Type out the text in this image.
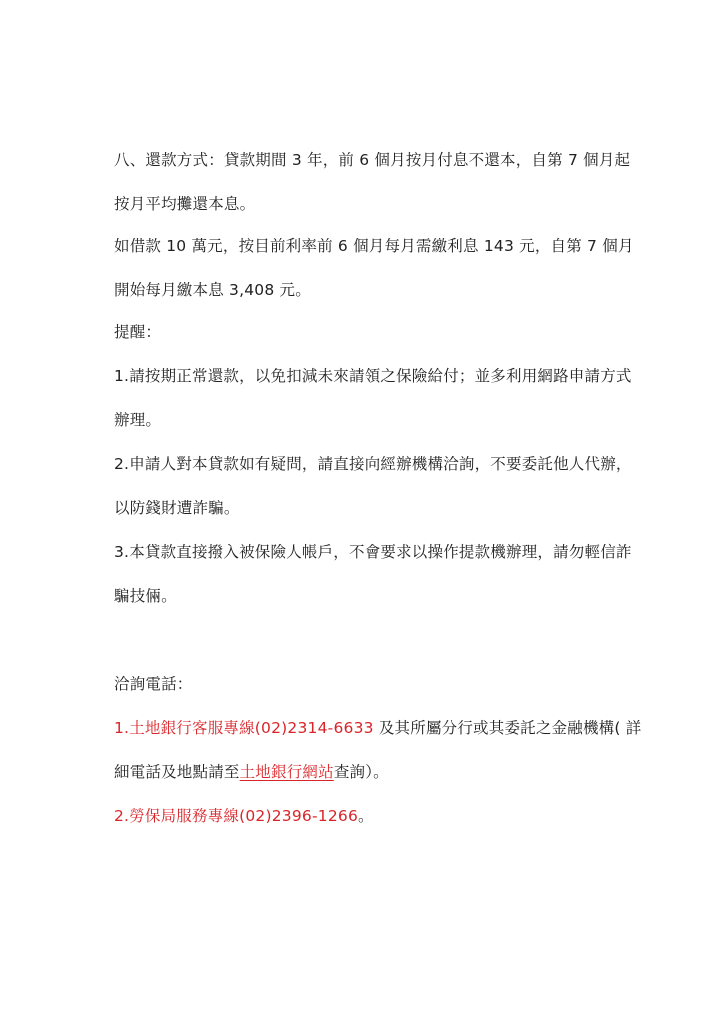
八、還款方式：貸款期間 3 年，前 6 個月按月付息不還本，自第 7 個月起
按月平均攤還本息。
如借款 10 萬元，按目前利率前 6 個月每月需繳利息 143 元，自第 7 個月
開始每月繳本息 3,408 元。
提醒：
1.請按期正常還款，以免扣減未來請領之保險給付；並多利用網路申請方式
辦理。
2.申請人對本貸款如有疑問，請直接向經辦機構洽詢，不要委託他人代辦，
以防錢財遭詐騙。
3.本貸款直接撥入被保險人帳戶，不會要求以操作提款機辦理，請勿輕信詐
騙技倆。
洽詢電話：
1.土地銀行客服專線(02)2314-6633 及其所屬分行或其委託之金融機構( 詳
細電話及地點請至土地銀行網站查詢）。
2.勞保局服務專線(02)2396-1266。
